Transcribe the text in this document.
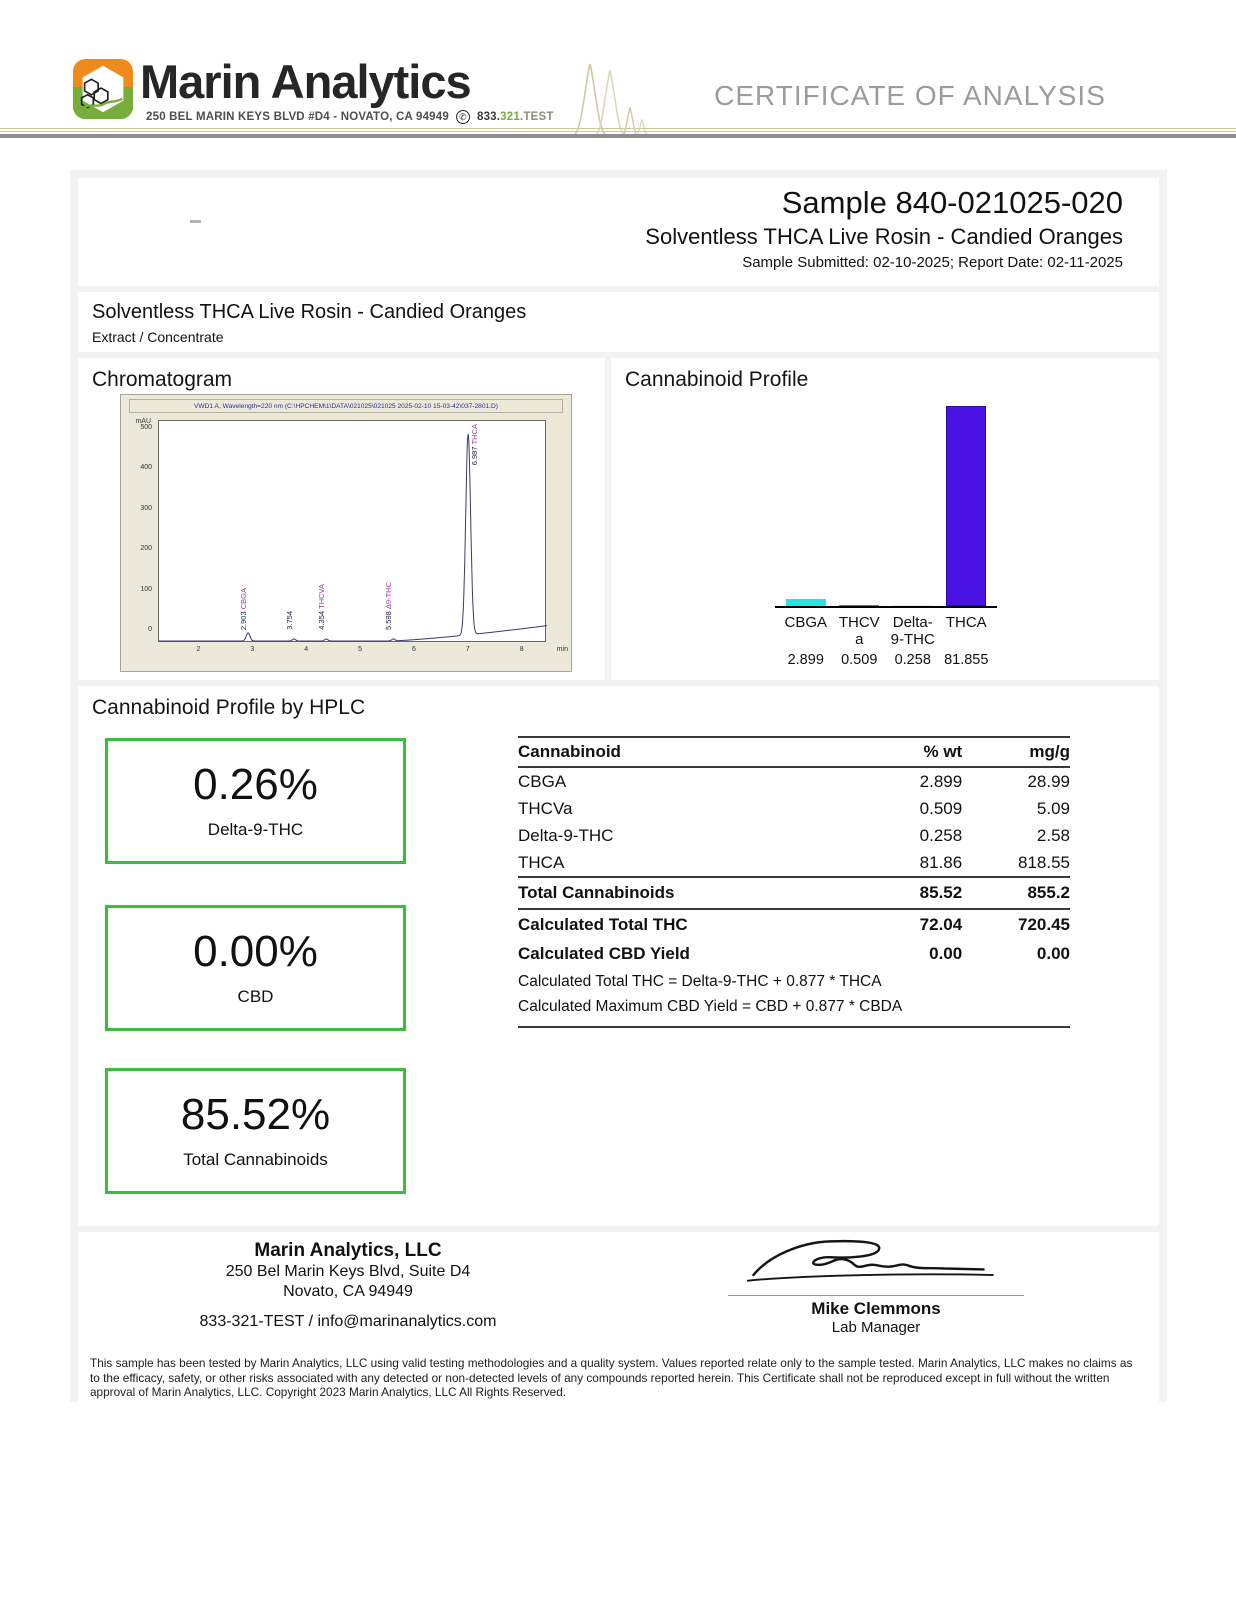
Marin Analytics
250 BEL MARIN KEYS BLVD #D4 - NOVATO, CA 94949	✆ 833.321.TEST
CERTIFICATE OF ANALYSIS
Sample 840-021025-020
Solventless THCA Live Rosin - Candied Oranges
Sample Submitted: 02-10-2025; Report Date: 02-11-2025
Solventless THCA Live Rosin - Candied Oranges
Extract / Concentrate
Chromatogram
VWD1 A, Wavelength=220 nm (C:\HPCHEM\1\DATA\021025\021025 2025-02-10 15-03-42\037-2801.D)
mAU
0
100
200
300
400
500
2.903 CBGA
3.754	4.354 THCVA
5.598 Δ9-THC
6.987 THCA
min
2	3	4	5	6	7	8
Cannabinoid Profile
CBGA THCVa
Delta-9-THC
THCA
2.899	0.509	0.258 81.855
Cannabinoid Profile by HPLC
0.26%
Delta-9-THC
0.00%
CBD
85.52%
Total Cannabinoids
Cannabinoid	% wt	mg/g
CBGA	2.899	28.99
THCVa	0.509	5.09
Delta-9-THC	0.258	2.58
THCA	81.86	818.55
Total Cannabinoids	85.52	855.2
Calculated Total THC	72.04	720.45
Calculated CBD Yield	0.00	0.00
Calculated Total THC = Delta-9-THC + 0.877 * THCA		
Calculated Maximum CBD Yield = CBD + 0.877 * CBDA		
Marin Analytics, LLC
250 Bel Marin Keys Blvd, Suite D4
Novato, CA 94949
833-321-TEST / info@marinanalytics.com
Mike Clemmons
Lab Manager
This sample has been tested by Marin Analytics, LLC using valid testing methodologies and a quality system. Values reported relate only to the sample tested. Marin Analytics, LLC makes no claims as to the efficacy, safety, or other risks associated with any detected or non-detected levels of any compounds reported herein. This Certificate shall not be reproduced except in full without the written approval of Marin Analytics, LLC. Copyright 2023 Marin Analytics, LLC All Rights Reserved.
